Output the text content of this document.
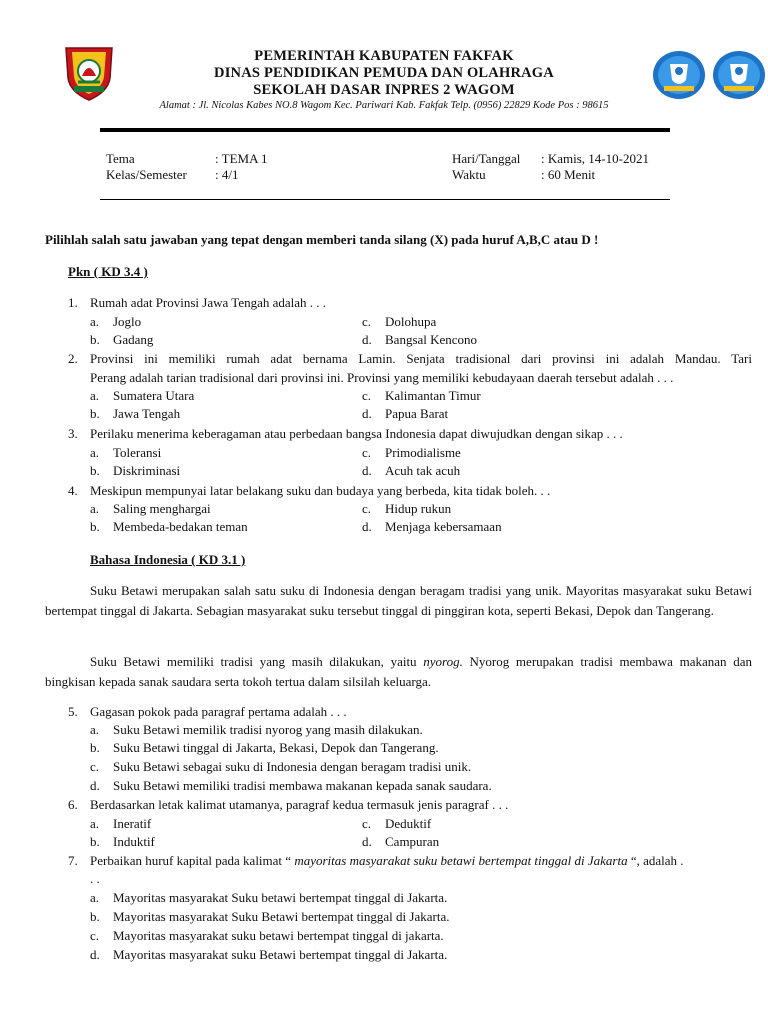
PEMERINTAH KABUPATEN FAKFAK
DINAS PENDIDIKAN PEMUDA DAN OLAHRAGA
SEKOLAH DASAR INPRES 2 WAGOM
Alamat : Jl. Nicolas Kabes NO.8 Wagom Kec. Pariwari Kab. Fakfak Telp. (0956) 22829 Kode Pos : 98615
Tema	: TEMA 1
Kelas/Semester : 4/1
Hari/Tanggal : Kamis, 14-10-2021
Waktu	: 60 Menit
Pilihlah salah satu jawaban yang tepat dengan memberi tanda silang (X) pada huruf A,B,C atau D !
Pkn ( KD 3.4 )
1. Rumah adat Provinsi Jawa Tengah adalah . . .
a. Joglo
b. Gadang
c. Dolohupa
d. Bangsal Kencono
2. Provinsi ini memiliki rumah adat bernama Lamin. Senjata tradisional dari provinsi ini adalah Mandau. Tari
Perang adalah tarian tradisional dari provinsi ini. Provinsi yang memiliki kebudayaan daerah tersebut adalah . . .
a. Sumatera Utara
b. Jawa Tengah
c. Kalimantan Timur
d. Papua Barat
3. Perilaku menerima keberagaman atau perbedaan bangsa Indonesia dapat diwujudkan dengan sikap . . .
a. Toleransi
b. Diskriminasi
c. Primodialisme
d. Acuh tak acuh
4. Meskipun mempunyai latar belakang suku dan budaya yang berbeda, kita tidak boleh. . .
a. Saling menghargai
b. Membeda-bedakan teman
c. Hidup rukun
d. Menjaga kebersamaan
Bahasa Indonesia ( KD 3.1 )
Suku Betawi merupakan salah satu suku di Indonesia dengan beragam tradisi yang unik. Mayoritas masyarakat suku Betawi bertempat tinggal di Jakarta. Sebagian masyarakat suku tersebut tinggal di pinggiran kota, seperti Bekasi, Depok dan Tangerang.
Suku Betawi memiliki tradisi yang masih dilakukan, yaitu nyorog. Nyorog merupakan tradisi membawa makanan dan bingkisan kepada sanak saudara serta tokoh tertua dalam silsilah keluarga.
5. Gagasan pokok pada paragraf pertama adalah . . .
a. Suku Betawi memilik tradisi nyorog yang masih dilakukan.
b. Suku Betawi tinggal di Jakarta, Bekasi, Depok dan Tangerang.
c. Suku Betawi sebagai suku di Indonesia dengan beragam tradisi unik.
d. Suku Betawi memiliki tradisi membawa makanan kepada sanak saudara.
6. Berdasarkan letak kalimat utamanya, paragraf kedua termasuk jenis paragraf . . .
a. Ineratif
b. Induktif
c. Deduktif
d. Campuran
7. Perbaikan huruf kapital pada kalimat “ mayoritas masyarakat suku betawi bertempat tinggal di Jakarta “, adalah .
. .
a. Mayoritas masyarakat Suku betawi bertempat tinggal di Jakarta.
b. Mayoritas masyarakat Suku Betawi bertempat tinggal di Jakarta.
c. Mayoritas masyarakat suku betawi bertempat tinggal di jakarta.
d. Mayoritas masyarakat suku Betawi bertempat tinggal di Jakarta.
